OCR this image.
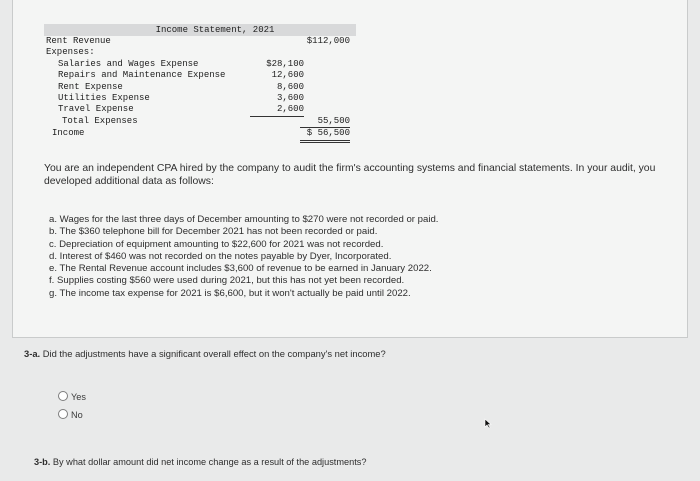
Income Statement, 2021
Rent Revenue	$112,000
Expenses:
Salaries and Wages Expense	$28,100
Repairs and Maintenance Expense	12,600
Rent Expense	8,600
Utilities Expense	3,600
Travel Expense	2,600
Total Expenses	55,500
Income	$ 56,500
You are an independent CPA hired by the company to audit the firm's accounting systems and financial statements. In your audit, you developed additional data as follows:
a. Wages for the last three days of December amounting to $270 were not recorded or paid.
b. The $360 telephone bill for December 2021 has not been recorded or paid.
c. Depreciation of equipment amounting to $22,600 for 2021 was not recorded.
d. Interest of $460 was not recorded on the notes payable by Dyer, Incorporated.
e. The Rental Revenue account includes $3,600 of revenue to be earned in January 2022.
f. Supplies costing $560 were used during 2021, but this has not yet been recorded.
g. The income tax expense for 2021 is $6,600, but it won't actually be paid until 2022.
3-a. Did the adjustments have a significant overall effect on the company's net income?
Yes
No
3-b. By what dollar amount did net income change as a result of the adjustments?
